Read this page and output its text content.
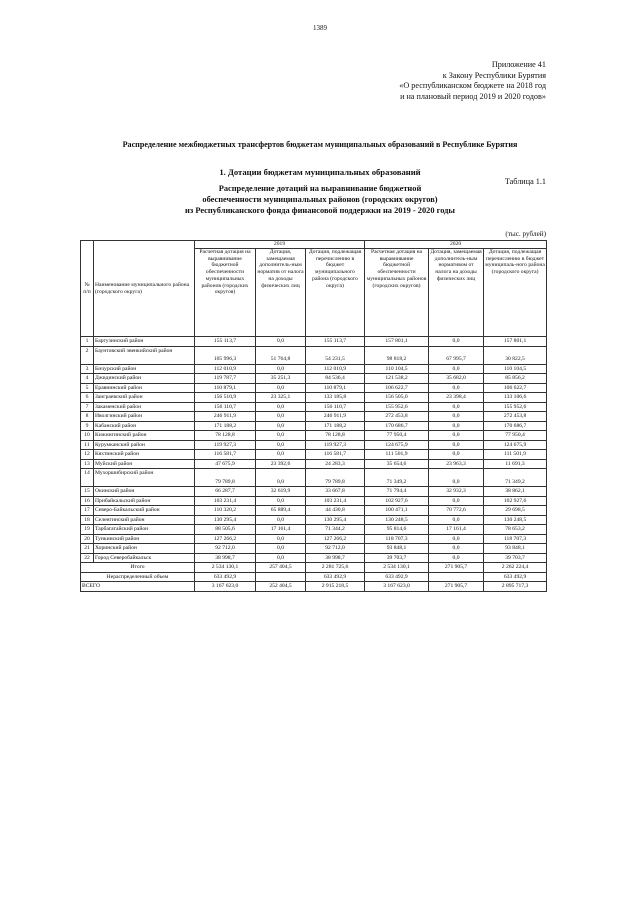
1389
Приложение 41
к Закону Республики Бурятия
«О республиканском бюджете на 2018 год
и на плановый период 2019 и 2020 годов»
Распределение межбюджетных трансфертов бюджетам муниципальных образований в Республике Бурятия
1. Дотации бюджетам муниципальных образований
Таблица 1.1
Распределение дотаций на выравнивание бюджетной
обеспеченности муниципальных районов (городских округов)
из Республиканского фонда финансовой поддержки на 2019 - 2020 годы
(тыс. рублей)
№ п/п	Наименование муниципального района (городского округа)	2019			2020		
		Расчетная дотация на выравнивание бюджетной обеспеченности муниципальных районов (городских округов)	Дотация, замещаемая дополнитель-ным норматив от налога на доходы физических лиц	Дотация, подлежащая перечислению в бюджет муниципального района (городского округа)	Расчетная дотация на выравнивание бюджетной обеспеченности муниципальных районов (городских округов)	Дотация, замещаемая дополнитель-ным нормативом от налога на доходы физических лиц	Дотация, подлежащая перечислению в бюджет муниципаль-ного района (городского округа)
1	Баргузинский район	155 113,7	0,0	155 113,7	157 801,1	0,0	157 801,1
2	Баунтовский эвенкийский район	105 996,3	51 764,8	54 231,5	98 818,2	67 995,7	30 822,5
3	Бичурский район	112 010,9	0,0	112 010,9	110 104,5	0,0	110 104,5
4	Джидинский район	119 787,7	35 251,3	84 536,4	121 538,2	35 682,0	85 856,2
5	Еравнинский район	110 879,1	0,0	110 879,1	106 622,7	0,0	106 622,7
6	Заиграевский район	156 510,9	23 325,1	133 185,8	156 505,0	23 398,4	133 106,6
7	Закаменский район	156 110,7	0,0	156 110,7	155 952,6	0,0	155 952,6
8	Иволгинский район	246 911,9	0,0	246 911,9	272 453,8	0,0	272 453,8
9	Кабанский район	171 188,2	0,0	171 188,2	170 686,7	0,0	170 686,7
10	Кижингинский район	78 128,8	0,0	78 128,8	77 950,4	0,0	77 950,4
11	Курумканский район	119 927,3	0,0	119 927,3	124 675,9	0,0	124 675,9
12	Кяхтинский район	116 581,7	0,0	116 581,7	111 501,9	0,0	111 501,9
13	Муйский район	47 675,9	23 392,6	24 283,3	35 654,6	23 963,3	11 691,3
14	Мухоршибирский район	79 789,8	0,0	79 789,8	71 349,2	0,0	71 349,2
15	Окинский район	66 287,7	32 619,9	33 667,8	71 794,4	32 932,3	38 862,1
16	Прибайкальский район	103 231,4	0,0	103 231,4	102 927,6	0,0	102 927,6
17	Северо-Байкальский район	110 320,2	65 889,4	44 430,8	100 471,1	70 772,6	29 698,5
18	Селенгинский район	130 295,4	0,0	130 295,4	130 248,5	0,0	130 248,5
19	Тарбагатайский район	88 505,6	17 161,4	71 344,2	95 814,6	17 161,4	78 653,2
20	Тункинский район	127 266,2	0,0	127 266,2	118 707,3	0,0	118 707,3
21	Хоринский район	92 712,0	0,0	92 712,0	93 848,1	0,0	93 848,1
22	Город Северобайкальск	38 998,7	0,0	38 998,7	39 703,7	0,0	39 703,7
Итого		2 534 130,1	257 404,5	2 281 725,6	2 534 130,1	271 905,7	2 262 224,4
Нераспределенный объем		633 492,9		633 492,9	633 492,9		633 492,9
ВСЕГО		3 167 623,0	252 404,5	2 915 218,5	3 167 623,0	271 905,7	2 895 717,3
